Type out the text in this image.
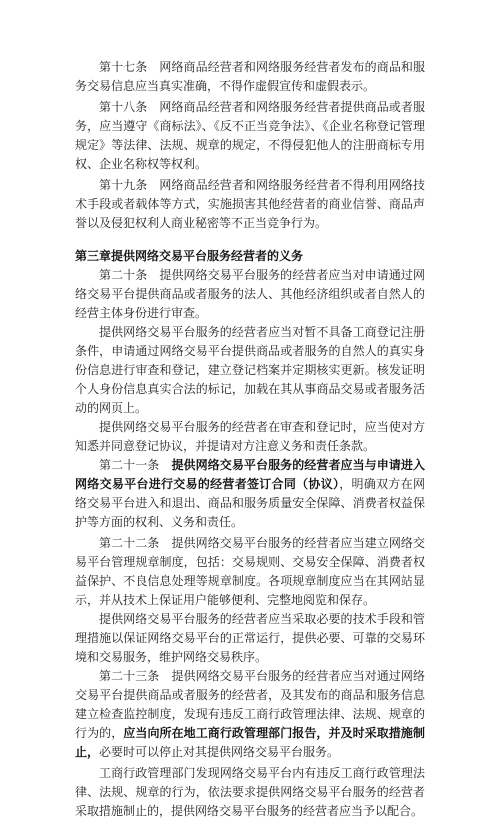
第十七条　网络商品经营者和网络服务经营者发布的商品和服务交易信息应当真实准确，不得作虚假宣传和虚假表示。

第十八条　网络商品经营者和网络服务经营者提供商品或者服务，应当遵守《商标法》、《反不正当竞争法》、《企业名称登记管理规定》等法律、法规、规章的规定，不得侵犯他人的注册商标专用权、企业名称权等权利。

第十九条　网络商品经营者和网络服务经营者不得利用网络技术手段或者载体等方式，实施损害其他经营者的商业信誉、商品声誉以及侵犯权利人商业秘密等不正当竞争行为。

第三章提供网络交易平台服务经营者的义务

第二十条　提供网络交易平台服务的经营者应当对申请通过网络交易平台提供商品或者服务的法人、其他经济组织或者自然人的经营主体身份进行审查。

提供网络交易平台服务的经营者应当对暂不具备工商登记注册条件，申请通过网络交易平台提供商品或者服务的自然人的真实身份信息进行审查和登记，建立登记档案并定期核实更新。核发证明个人身份信息真实合法的标记，加载在其从事商品交易或者服务活动的网页上。

提供网络交易平台服务的经营者在审查和登记时，应当使对方知悉并同意登记协议，并提请对方注意义务和责任条款。

第二十一条　提供网络交易平台服务的经营者应当与申请进入网络交易平台进行交易的经营者签订合同（协议），明确双方在网络交易平台进入和退出、商品和服务质量安全保障、消费者权益保护等方面的权利、义务和责任。

第二十二条　提供网络交易平台服务的经营者应当建立网络交易平台管理规章制度，包括：交易规则、交易安全保障、消费者权益保护、不良信息处理等规章制度。各项规章制度应当在其网站显示，并从技术上保证用户能够便利、完整地阅览和保存。

提供网络交易平台服务的经营者应当采取必要的技术手段和管理措施以保证网络交易平台的正常运行，提供必要、可靠的交易环境和交易服务，维护网络交易秩序。

第二十三条　提供网络交易平台服务的经营者应当对通过网络交易平台提供商品或者服务的经营者，及其发布的商品和服务信息建立检查监控制度，发现有违反工商行政管理法律、法规、规章的行为的，应当向所在地工商行政管理部门报告，并及时采取措施制止，必要时可以停止对其提供网络交易平台服务。

工商行政管理部门发现网络交易平台内有违反工商行政管理法律、法规、规章的行为，依法要求提供网络交易平台服务的经营者采取措施制止的，提供网络交易平台服务的经营者应当予以配合。
